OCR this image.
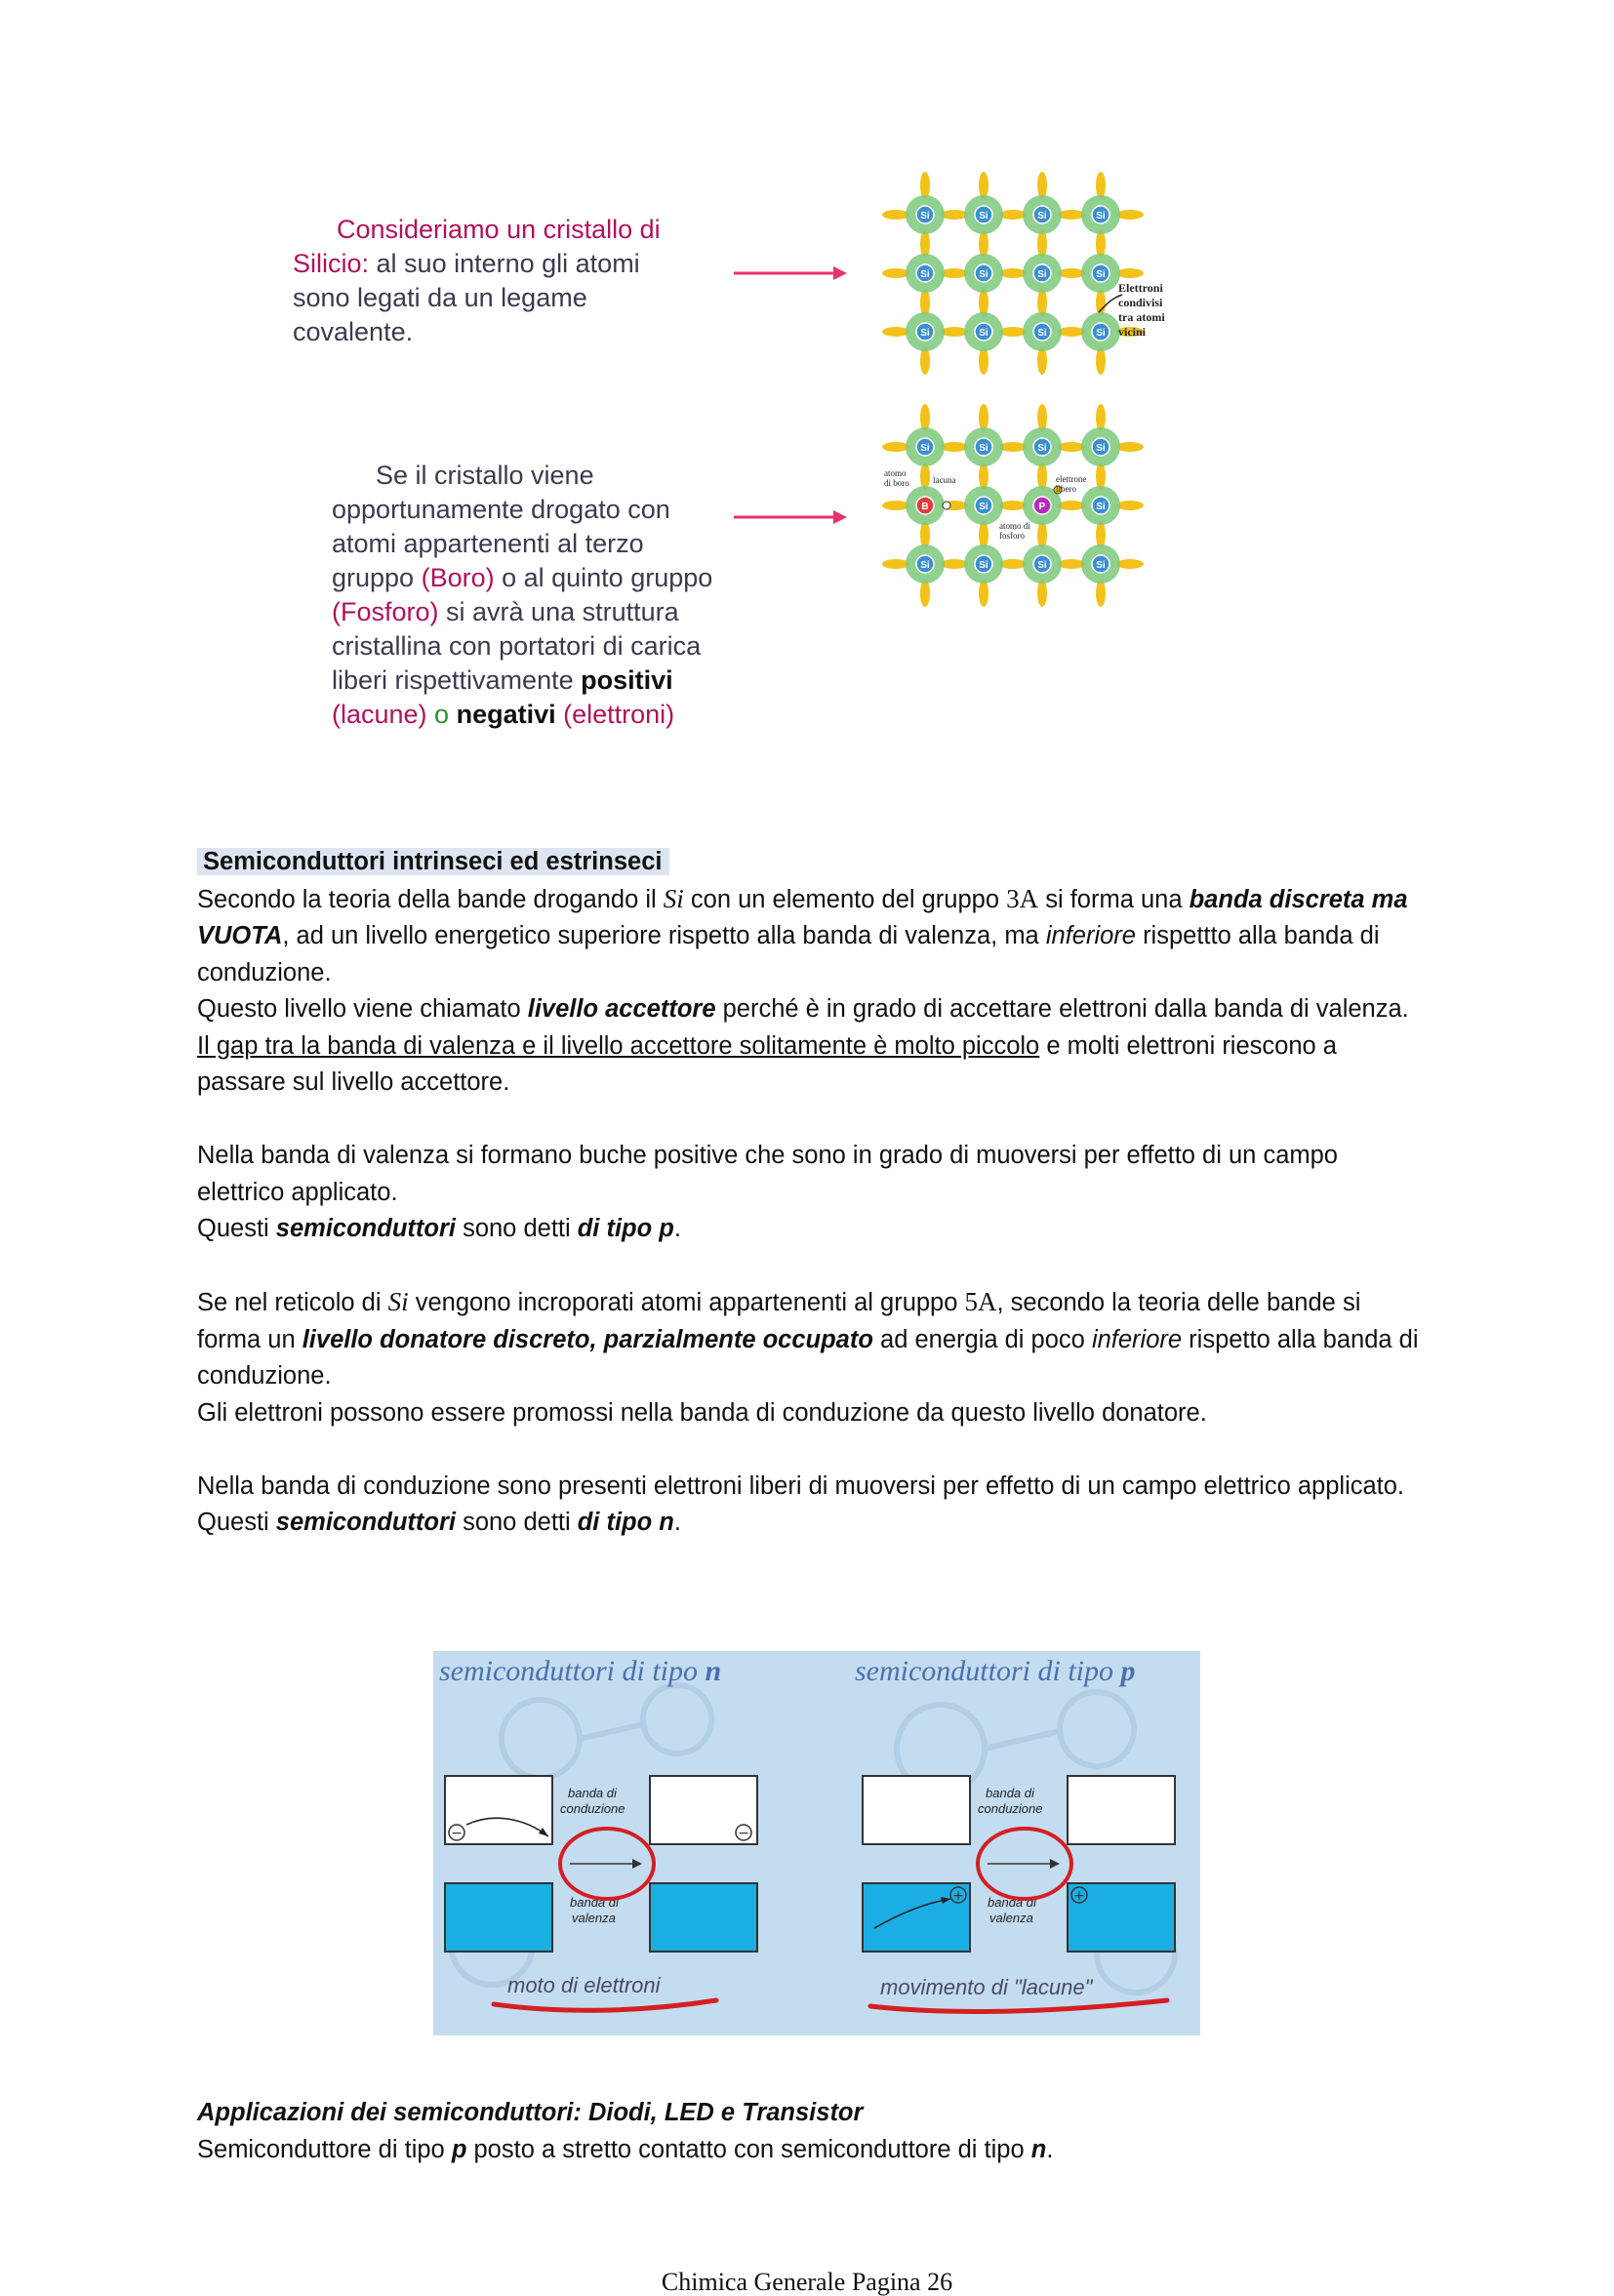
Consideriamo un cristallo di
Silicio: al suo interno gli atomi
sono legati da un legame
covalente.
Se il cristallo viene
opportunamente drogato con
atomi appartenenti al terzo
gruppo (Boro) o al quinto gruppo
(Fosforo) si avrà una struttura
cristallina con portatori di carica
liberi rispettivamente positivi
(lacune) o negativi (elettroni)
Si	Si	Si	Si
Si	Si	Si	Si
Si	Si	Si	Si
Si	Si	Si	Si
B	Si	P	Si
Si	Si	Si	Si
Elettroni
condivisi
tra atomi
vicini
atomo
di boro	lacuna	elettrone
libero
atomo di
fosforo

Semiconduttori intrinseci ed estrinseci

Secondo la teoria della bande drogando il Si con un elemento del gruppo 3A si forma una banda discreta ma VUOTA, ad un livello energetico superiore rispetto alla banda di valenza, ma inferiore rispettto alla banda di conduzione.

Questo livello viene chiamato livello accettore perché è in grado di accettare elettroni dalla banda di valenza.

Il gap tra la banda di valenza e il livello accettore solitamente è molto piccolo e molti elettroni riescono a passare sul livello accettore.

Nella banda di valenza si formano buche positive che sono in grado di muoversi per effetto di un campo elettrico applicato.

Questi semiconduttori sono detti di tipo p.

Se nel reticolo di Si vengono incroporati atomi appartenenti al gruppo 5A, secondo la teoria delle bande si forma un livello donatore discreto, parzialmente occupato ad energia di poco inferiore rispetto alla banda di conduzione.

Gli elettroni possono essere promossi nella banda di conduzione da questo livello donatore.

Nella banda di conduzione sono presenti elettroni liberi di muoversi per effetto di un campo elettrico applicato.

Questi semiconduttori sono detti di tipo n.

semiconduttori di tipo n	semiconduttori di tipo p
−	−
banda di
conduzione
banda di
valenza
moto di elettroni
+	+
banda di
conduzione
banda di
valenza
movimento di "lacune"

Applicazioni dei semiconduttori: Diodi, LED e Transistor

Semiconduttore di tipo p posto a stretto contatto con semiconduttore di tipo n.

Chimica Generale Pagina 26
